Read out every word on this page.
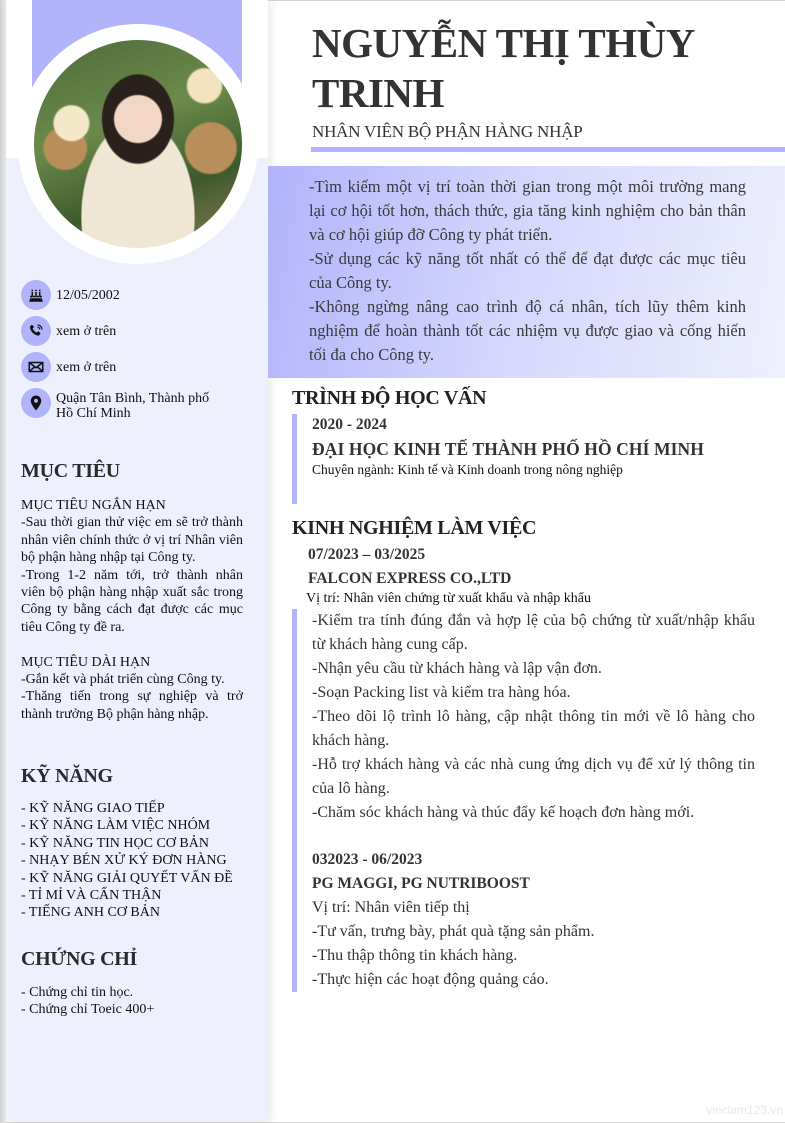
12/05/2002
xem ở trên
xem ở trên
Quận Tân Bình, Thành phố Hồ Chí Minh
MỤC TIÊU

MỤC TIÊU NGẮN HẠN

-Sau thời gian thử việc em sẽ trở thành nhân viên chính thức ở vị trí Nhân viên bộ phận hàng nhập tại Công ty.

-Trong 1-2 năm tới, trở thành nhân viên bộ phận hàng nhập xuất sắc trong Công ty bằng cách đạt được các mục tiêu Công ty đề ra.

MỤC TIÊU DÀI HẠN

-Gắn kết và phát triển cùng Công ty.

-Thăng tiến trong sự nghiệp và trở thành trưởng Bộ phận hàng nhập.

KỸ NĂNG
- KỸ NĂNG GIAO TIẾP
- KỸ NĂNG LÀM VIỆC NHÓM
- KỸ NĂNG TIN HỌC CƠ BẢN
- NHẠY BÉN XỬ KÝ ĐƠN HÀNG
- KỸ NĂNG GIẢI QUYẾT VẤN ĐỀ
- TỈ MỈ VÀ CẨN THẬN
- TIẾNG ANH CƠ BẢN
CHỨNG CHỈ
- Chứng chỉ tin học.
- Chứng chỉ Toeic 400+
NGUYỄN THỊ THÙY TRINH
NHÂN VIÊN BỘ PHẬN HÀNG NHẬP

-Tìm kiếm một vị trí toàn thời gian trong một môi trường mang lại cơ hội tốt hơn, thách thức, gia tăng kinh nghiệm cho bản thân và cơ hội giúp đỡ Công ty phát triển.

-Sử dụng các kỹ năng tốt nhất có thể để đạt được các mục tiêu của Công ty.

-Không ngừng nâng cao trình độ cá nhân, tích lũy thêm kinh nghiệm để hoàn thành tốt các nhiệm vụ được giao và cống hiến tối đa cho Công ty.

TRÌNH ĐỘ HỌC VẤN
2020 - 2024
ĐẠI HỌC KINH TẾ THÀNH PHỐ HỒ CHÍ MINH
Chuyên ngành: Kinh tế và Kinh doanh trong nông nghiệp
KINH NGHIỆM LÀM VIỆC
07/2023 – 03/2025
FALCON EXPRESS CO.,LTD
Vị trí: Nhân viên chứng từ xuất khẩu và nhập khẩu

-Kiểm tra tính đúng đắn và hợp lệ của bộ chứng từ xuất/nhập khẩu từ khách hàng cung cấp.

-Nhận yêu cầu từ khách hàng và lập vận đơn.

-Soạn Packing list và kiểm tra hàng hóa.

-Theo dõi lộ trình lô hàng, cập nhật thông tin mới về lô hàng cho khách hàng.

-Hỗ trợ khách hàng và các nhà cung ứng dịch vụ để xử lý thông tin của lô hàng.

-Chăm sóc khách hàng và thúc đẩy kế hoạch đơn hàng mới.

032023 - 06/2023
PG MAGGI, PG NUTRIBOOST

Vị trí: Nhân viên tiếp thị

-Tư vấn, trưng bày, phát quà tặng sản phẩm.

-Thu thập thông tin khách hàng.

-Thực hiện các hoạt động quảng cáo.

vieclam123.vn
